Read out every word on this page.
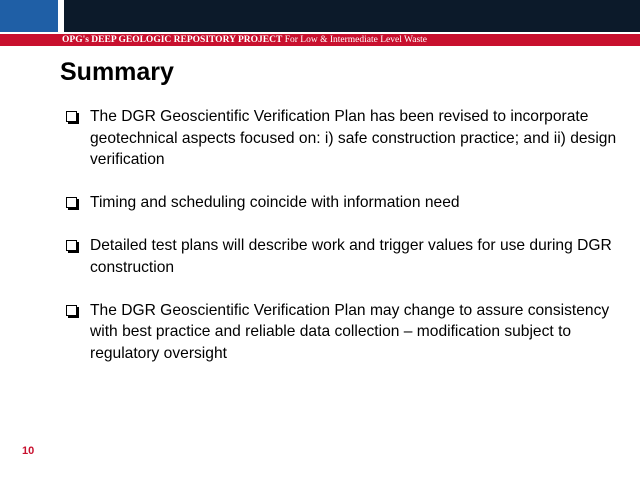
OPG's DEEP GEOLOGIC REPOSITORY PROJECT For Low & Intermediate Level Waste
Summary
The DGR Geoscientific Verification Plan has been revised to incorporate geotechnical aspects focused on: i) safe construction practice; and ii) design verification
Timing and scheduling coincide with information need
Detailed test plans will describe work and trigger values for use during DGR construction
The DGR Geoscientific Verification Plan may change to assure consistency with best practice and reliable data collection – modification subject to regulatory oversight
10
